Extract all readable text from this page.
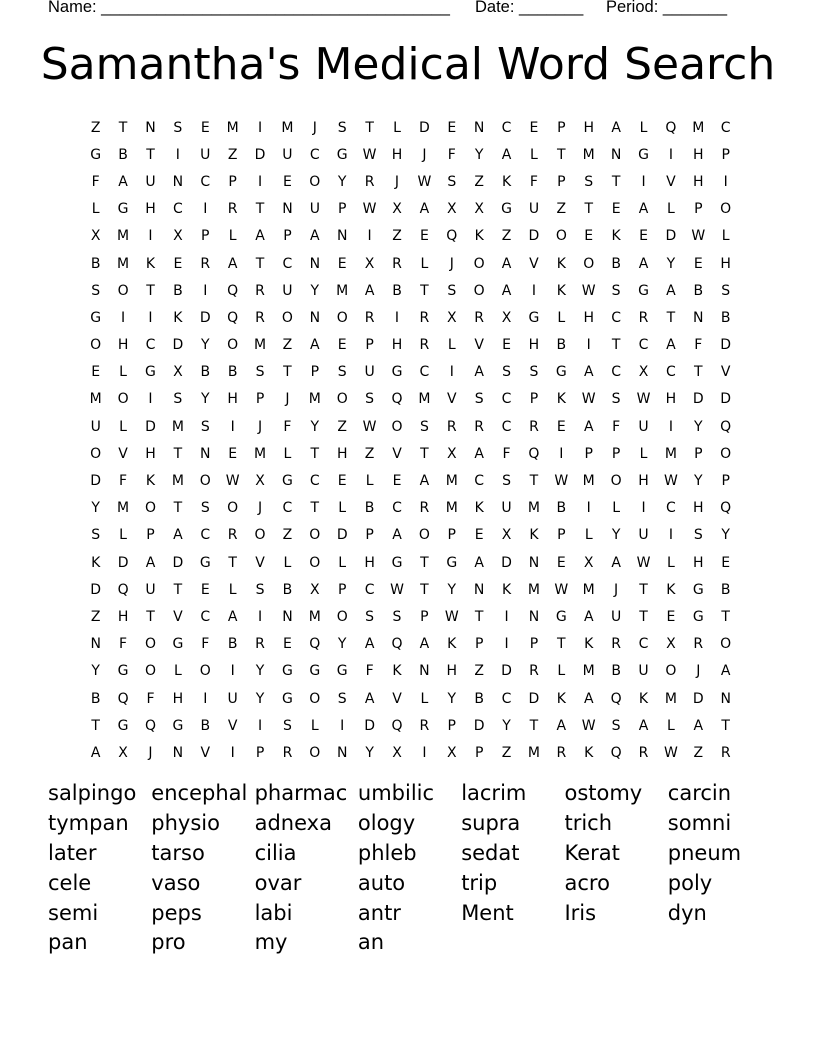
Name: ______________________________________ Date: _______ Period: _______
Samantha's Medical Word Search
Z	T	N	S	E	M	I	M	J	S	T	L	D	E	N	C	E	P	H	A	L	Q	M	C
G	B	T	I	U	Z	D	U	C	G	W	H	J	F	Y	A	L	T	M	N	G	I	H	P
F	A	U	N	C	P	I	E	O	Y	R	J	W	S	Z	K	F	P	S	T	I	V	H	I
L	G	H	C	I	R	T	N	U	P	W	X	A	X	X	G	U	Z	T	E	A	L	P	O
X	M	I	X	P	L	A	P	A	N	I	Z	E	Q	K	Z	D	O	E	K	E	D	W	L
B	M	K	E	R	A	T	C	N	E	X	R	L	J	O	A	V	K	O	B	A	Y	E	H
S	O	T	B	I	Q	R	U	Y	M	A	B	T	S	O	A	I	K	W	S	G	A	B	S
G	I	I	K	D	Q	R	O	N	O	R	I	R	X	R	X	G	L	H	C	R	T	N	B
O	H	C	D	Y	O	M	Z	A	E	P	H	R	L	V	E	H	B	I	T	C	A	F	D
E	L	G	X	B	B	S	T	P	S	U	G	C	I	A	S	S	G	A	C	X	C	T	V
M	O	I	S	Y	H	P	J	M	O	S	Q	M	V	S	C	P	K	W	S	W	H	D	D
U	L	D	M	S	I	J	F	Y	Z	W	O	S	R	R	C	R	E	A	F	U	I	Y	Q
O	V	H	T	N	E	M	L	T	H	Z	V	T	X	A	F	Q	I	P	P	L	M	P	O
D	F	K	M	O	W	X	G	C	E	L	E	A	M	C	S	T	W	M	O	H	W	Y	P
Y	M	O	T	S	O	J	C	T	L	B	C	R	M	K	U	M	B	I	L	I	C	H	Q
S	L	P	A	C	R	O	Z	O	D	P	A	O	P	E	X	K	P	L	Y	U	I	S	Y
K	D	A	D	G	T	V	L	O	L	H	G	T	G	A	D	N	E	X	A	W	L	H	E
D	Q	U	T	E	L	S	B	X	P	C	W	T	Y	N	K	M	W	M	J	T	K	G	B
Z	H	T	V	C	A	I	N	M	O	S	S	P	W	T	I	N	G	A	U	T	E	G	T
N	F	O	G	F	B	R	E	Q	Y	A	Q	A	K	P	I	P	T	K	R	C	X	R	O
Y	G	O	L	O	I	Y	G	G	G	F	K	N	H	Z	D	R	L	M	B	U	O	J	A
B	Q	F	H	I	U	Y	G	O	S	A	V	L	Y	B	C	D	K	A	Q	K	M	D	N
T	G	Q	G	B	V	I	S	L	I	D	Q	R	P	D	Y	T	A	W	S	A	L	A	T
A	X	J	N	V	I	P	R	O	N	Y	X	I	X	P	Z	M	R	K	Q	R	W	Z	R
salpingo encephal pharmac umbilic	lacrim	ostomy	carcin
tympan	physio	adnexa	ology	supra	trich	somni
later	tarso	cilia	phleb	sedat	Kerat	pneum
cele	vaso	ovar	auto	trip	acro	poly
semi	peps	labi	antr	Ment	Iris	dyn
pan	pro	my	an
